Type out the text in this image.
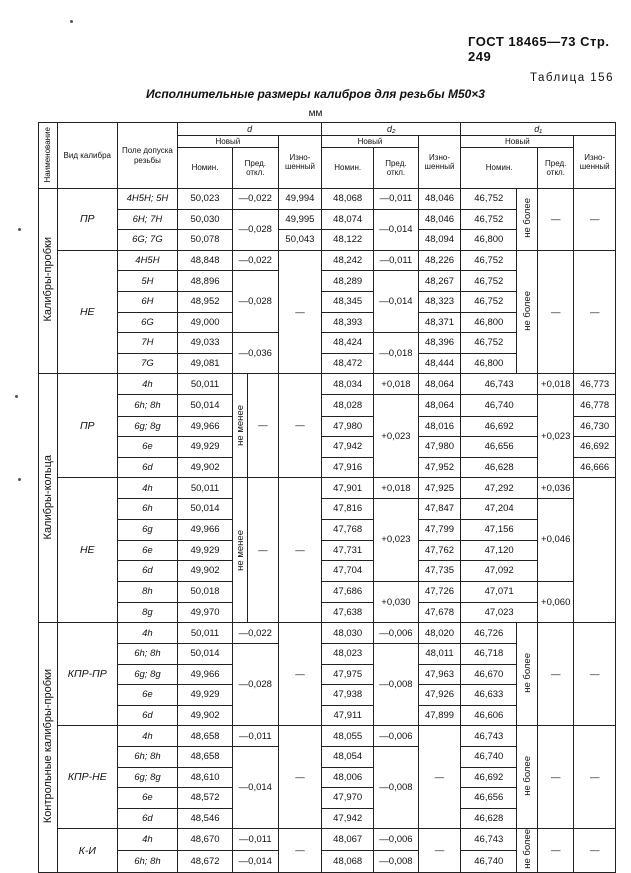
ГОСТ 18465—73 Стр. 249
Таблица 156
Исполнительные размеры калибров для резьбы М50×3
мм
Наименование	Вид калибра	Поле допуска резьбы	d			d₂			d₁			
			Новый		Изно-шенный	Новый		Изно-шенный	Новый			Изно-шенный
			Номин.	Пред. откл.		Номин.	Пред. откл.		Номин.		Пред. откл.	
Калибры-пробки	ПР	4Н5Н; 5Н	50,023	—0,022	49,994	48,068	—0,011	48,046	46,752	не более	—	—
		6Н; 7Н	50,030	—0,028	49,995	48,074	—0,014	48,046	46,752			
		6G; 7G	50,078		50,043	48,122		48,094	46,800			
	НЕ	4Н5Н	48,848	—0,022	—	48,242	—0,011	48,226	46,752	не более	—	—
		5Н	48,896	—0,028		48,289	—0,014	48,267	46,752			
		6Н	48,952			48,345		48,323	46,752			
		6G	49,000			48,393		48,371	46,800			
		7Н	49,033	—0,036		48,424	—0,018	48,396	46,752			
		7G	49,081			48,472		48,444	46,800			
Калибры-кольца	ПР	4h	50,011	не менее —	—	48,034	+0,018	48,064	46,743		+0,018	46,773
		6h; 8h	50,014			48,028	+0,023	48,064	46,740		+0,023	46,778
		6g; 8g	49,966			47,980		48,016	46,692			46,730
		6e	49,929			47,942		47,980	46,656			46,692
		6d	49,902			47,916		47,952	46,628			46,666
	НЕ	4h	50,011	не менее —	—	47,901	+0,018	47,925	47,292		+0,036	
		6h	50,014			47,816	+0,023	47,847	47,204		+0,046	
		6g	49,966			47,768		47,799	47,156			
		6e	49,929			47,731		47,762	47,120			
		6d	49,902			47,704		47,735	47,092			
		8h	50,018			47,686	+0,030	47,726	47,071		+0,060	
		8g	49,970			47,638		47,678	47,023			
Контрольные калибры-пробки	КПР-ПР	4h	50,011	—0,022	—	48,030	—0,006	48,020	46,726	не более	—	—
		6h; 8h	50,014	—0,028		48,023	—0,008	48,011	46,718			
		6g; 8g	49,966			47,975		47,963	46,670			
		6e	49,929			47,938		47,926	46,633			
		6d	49,902			47,911		47,899	46,606			
	КПР-НЕ	4h	48,658	—0,011	—	48,055	—0,006	—	46,743	не более	—	—
		6h; 8h	48,658	—0,014		48,054	—0,008		46,740			
		6g; 8g	48,610			48,006			46,692			
		6e	48,572			47,970			46,656			
		6d	48,546			47,942			46,628			
	К-И	4h	48,670	—0,011	—	48,067	—0,006	—	46,743	не более	—	—
		6h; 8h	48,672	—0,014		48,068	—0,008		46,740			
